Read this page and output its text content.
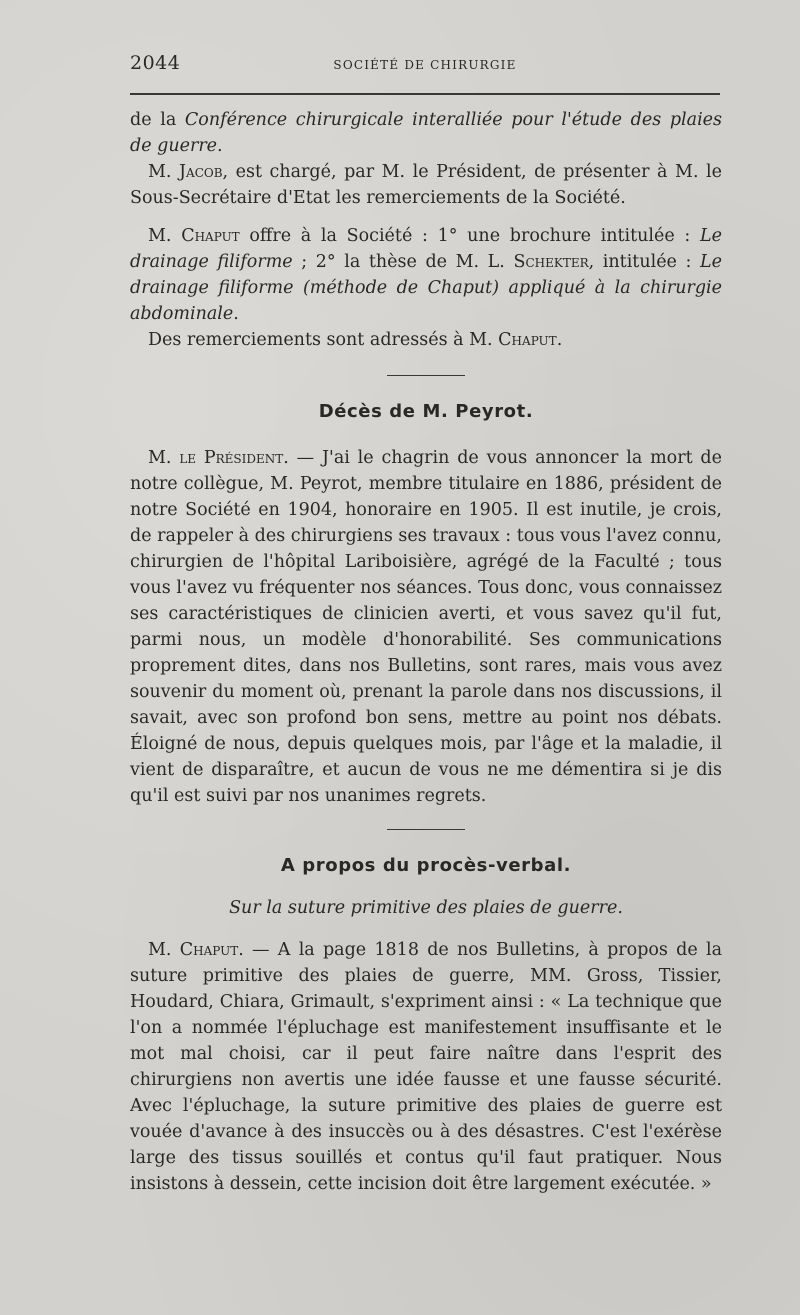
2044	SOCIÉTÉ DE CHIRURGIE

de la Conférence chirurgicale interalliée pour l'étude des plaies de guerre.

M. Jacob, est chargé, par M. le Président, de présenter à M. le Sous-Secrétaire d'Etat les remerciements de la Société.

M. Chaput offre à la Société : 1° une brochure intitulée : Le drainage filiforme ; 2° la thèse de M. L. Schekter, intitulée : Le drainage filiforme (méthode de Chaput) appliqué à la chirurgie abdominale.

Des remerciements sont adressés à M. Chaput.

Décès de M. Peyrot.

M. le Président. — J'ai le chagrin de vous annoncer la mort de notre collègue, M. Peyrot, membre titulaire en 1886, président de notre Société en 1904, honoraire en 1905. Il est inutile, je crois, de rappeler à des chirurgiens ses travaux : tous vous l'avez connu, chirurgien de l'hôpital Lariboisière, agrégé de la Faculté ; tous vous l'avez vu fréquenter nos séances. Tous donc, vous connaissez ses caractéristiques de clinicien averti, et vous savez qu'il fut, parmi nous, un modèle d'honorabilité. Ses communications proprement dites, dans nos Bulletins, sont rares, mais vous avez souvenir du moment où, prenant la parole dans nos discussions, il savait, avec son profond bon sens, mettre au point nos débats. Éloigné de nous, depuis quelques mois, par l'âge et la maladie, il vient de disparaître, et aucun de vous ne me démentira si je dis qu'il est suivi par nos unanimes regrets.

A propos du procès-verbal.
Sur la suture primitive des plaies de guerre.

M. Chaput. — A la page 1818 de nos Bulletins, à propos de la suture primitive des plaies de guerre, MM. Gross, Tissier, Houdard, Chiara, Grimault, s'expriment ainsi : « La technique que l'on a nommée l'épluchage est manifestement insuffisante et le mot mal choisi, car il peut faire naître dans l'esprit des chirurgiens non avertis une idée fausse et une fausse sécurité. Avec l'épluchage, la suture primitive des plaies de guerre est vouée d'avance à des insuccès ou à des désastres. C'est l'exérèse large des tissus souillés et contus qu'il faut pratiquer. Nous insistons à dessein, cette incision doit être largement exécutée. »
